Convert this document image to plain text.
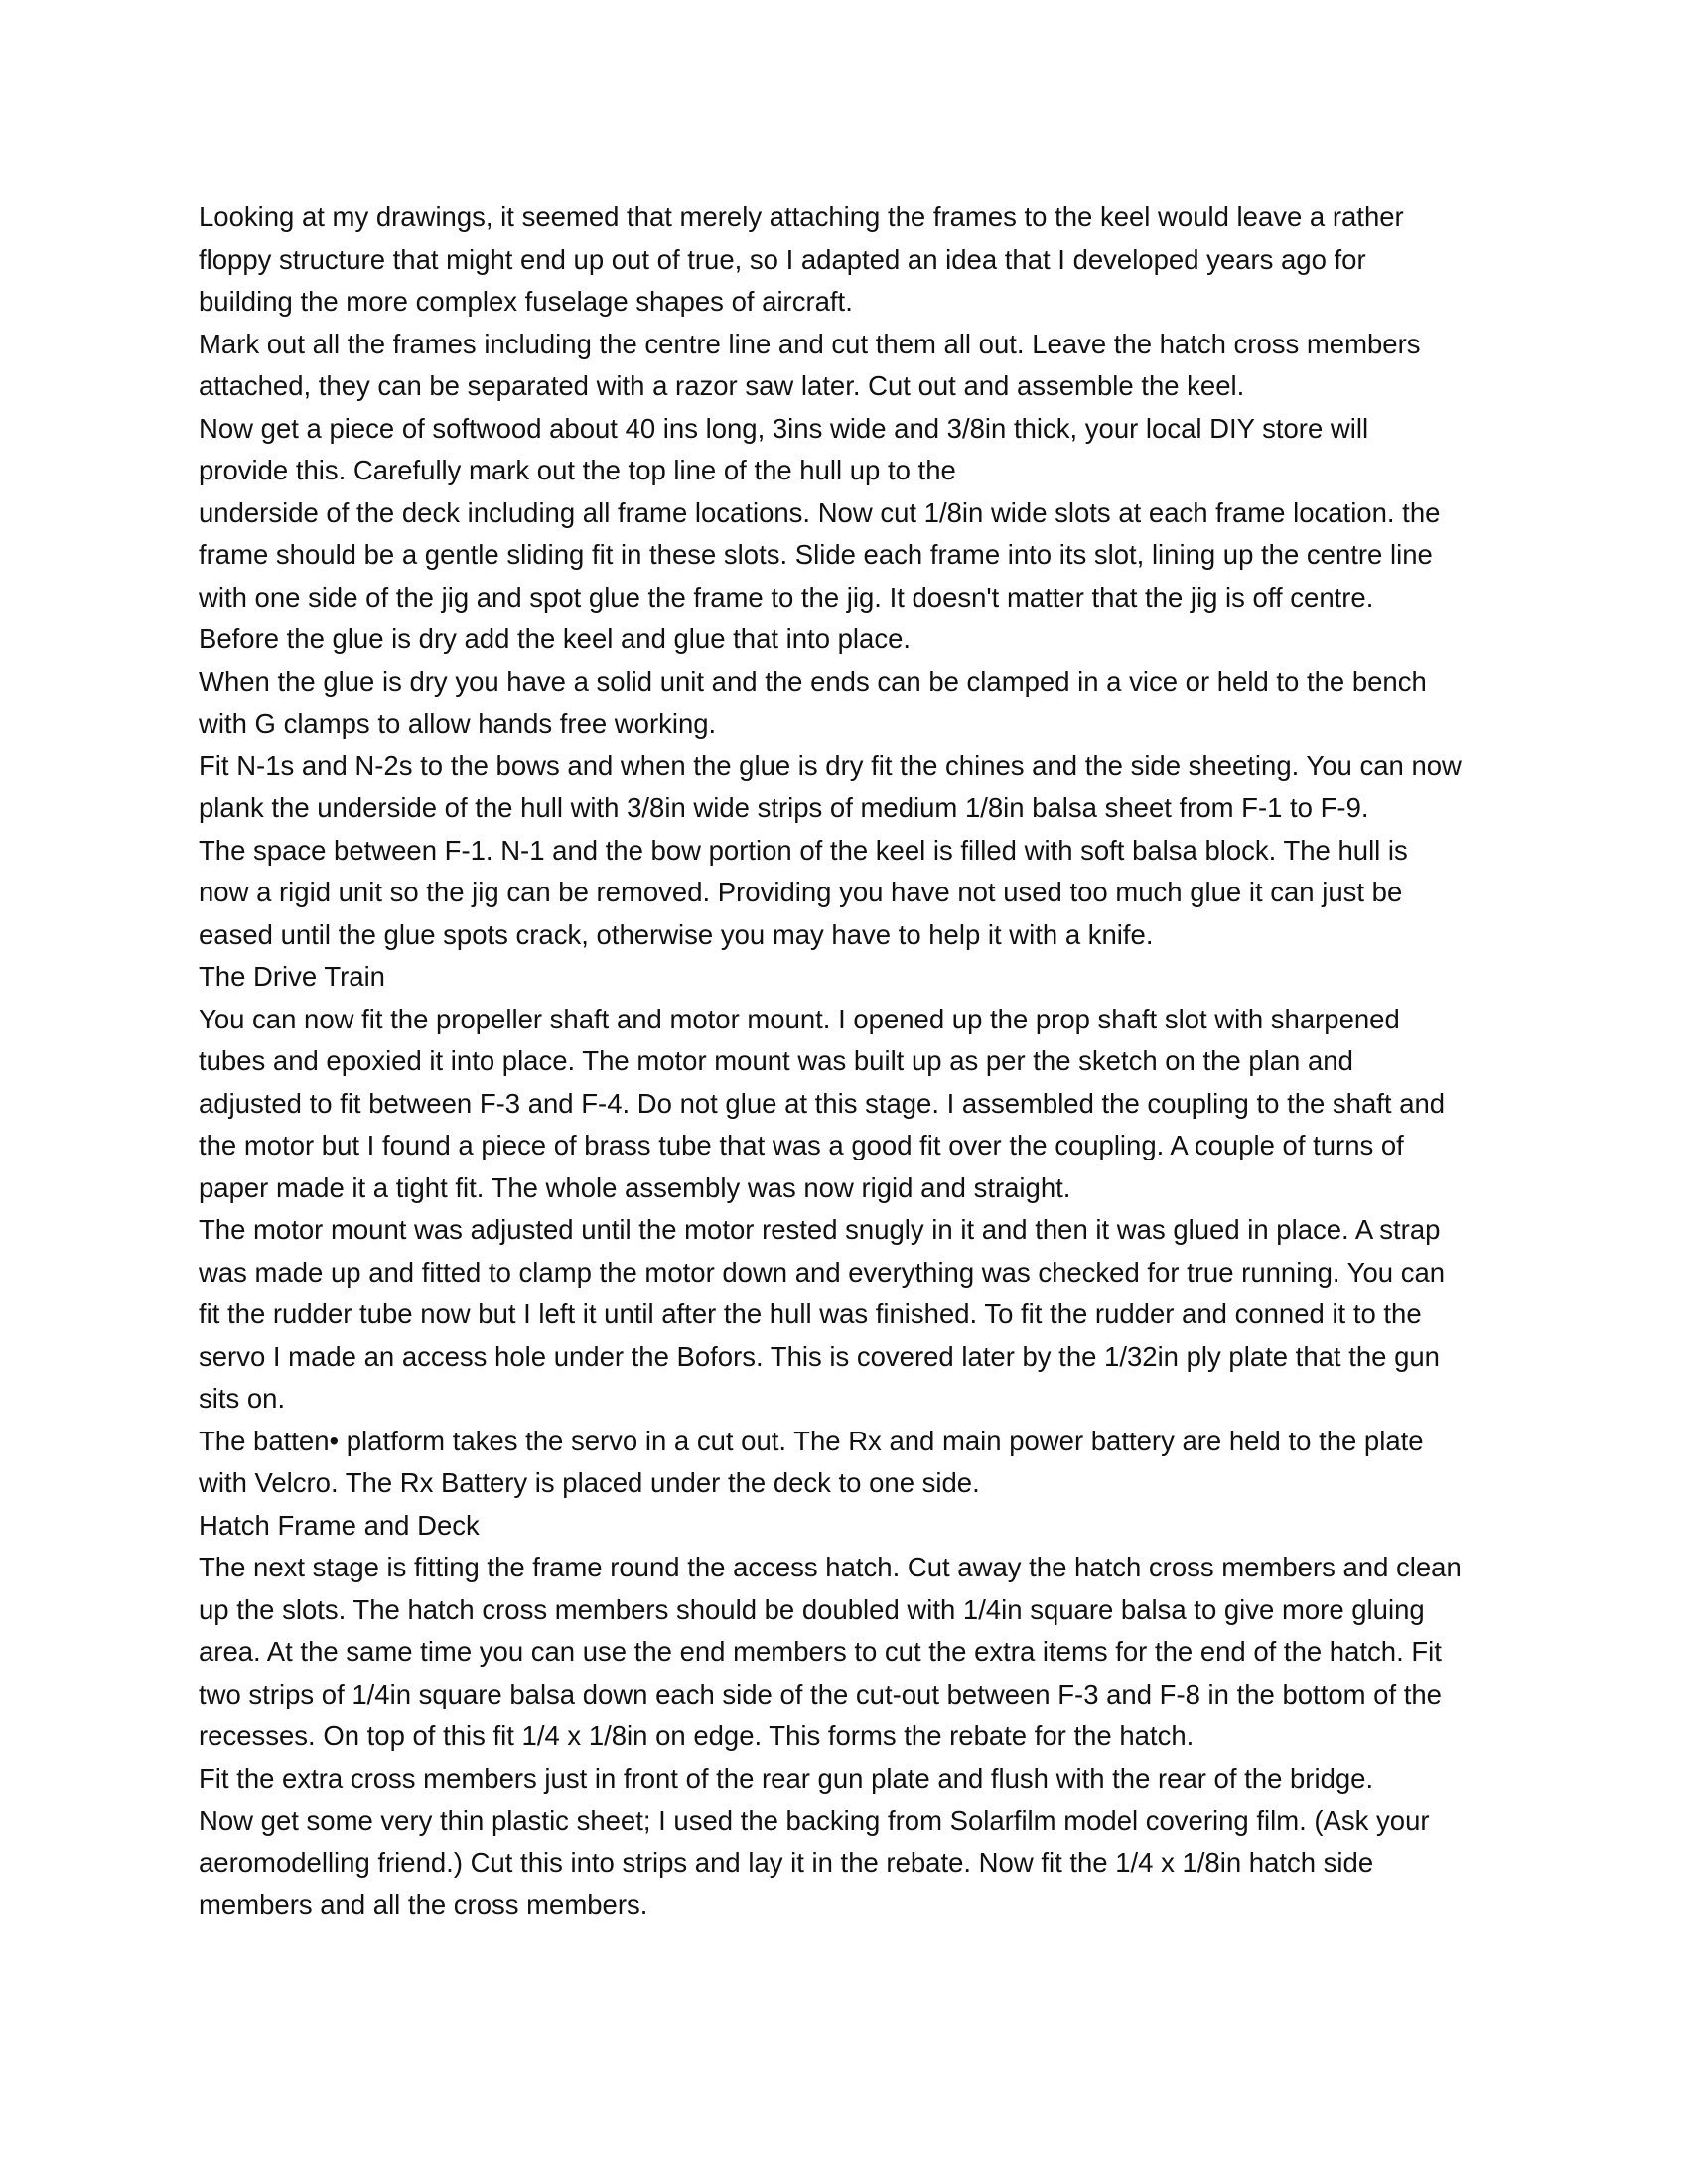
Looking at my drawings, it seemed that merely attaching the frames to the keel would leave a rather
floppy structure that might end up out of true, so I adapted an idea that I developed years ago for
building the more complex fuselage shapes of aircraft.
Mark out all the frames including the centre line and cut them all out. Leave the hatch cross members
attached, they can be separated with a razor saw later. Cut out and assemble the keel.
Now get a piece of softwood about 40 ins long, 3ins wide and 3/8in thick, your local DIY store will
provide this. Carefully mark out the top line of the hull up to the
underside of the deck including all frame locations. Now cut 1/8in wide slots at each frame location. the
frame should be a gentle sliding fit in these slots. Slide each frame into its slot, lining up the centre line
with one side of the jig and spot glue the frame to the jig. It doesn't matter that the jig is off centre.
Before the glue is dry add the keel and glue that into place.
When the glue is dry you have a solid unit and the ends can be clamped in a vice or held to the bench
with G clamps to allow hands free working.
Fit N-1s and N-2s to the bows and when the glue is dry fit the chines and the side sheeting. You can now
plank the underside of the hull with 3/8in wide strips of medium 1/8in balsa sheet from F-1 to F-9.
The space between F-1. N-1 and the bow portion of the keel is filled with soft balsa block. The hull is
now a rigid unit so the jig can be removed. Providing you have not used too much glue it can just be
eased until the glue spots crack, otherwise you may have to help it with a knife.
The Drive Train
You can now fit the propeller shaft and motor mount. I opened up the prop shaft slot with sharpened
tubes and epoxied it into place. The motor mount was built up as per the sketch on the plan and
adjusted to fit between F-3 and F-4. Do not glue at this stage. I assembled the coupling to the shaft and
the motor but I found a piece of brass tube that was a good fit over the coupling. A couple of turns of
paper made it a tight fit. The whole assembly was now rigid and straight.
The motor mount was adjusted until the motor rested snugly in it and then it was glued in place. A strap
was made up and fitted to clamp the motor down and everything was checked for true running. You can
fit the rudder tube now but I left it until after the hull was finished. To fit the rudder and conned it to the
servo I made an access hole under the Bofors. This is covered later by the 1/32in ply plate that the gun
sits on.
The batten• platform takes the servo in a cut out. The Rx and main power battery are held to the plate
with Velcro. The Rx Battery is placed under the deck to one side.
Hatch Frame and Deck
The next stage is fitting the frame round the access hatch. Cut away the hatch cross members and clean
up the slots. The hatch cross members should be doubled with 1/4in square balsa to give more gluing
area. At the same time you can use the end members to cut the extra items for the end of the hatch. Fit
two strips of 1/4in square balsa down each side of the cut-out between F-3 and F-8 in the bottom of the
recesses. On top of this fit 1/4 x 1/8in on edge. This forms the rebate for the hatch.
Fit the extra cross members just in front of the rear gun plate and flush with the rear of the bridge.
Now get some very thin plastic sheet; I used the backing from Solarfilm model covering film. (Ask your
aeromodelling friend.) Cut this into strips and lay it in the rebate. Now fit the 1/4 x 1/8in hatch side
members and all the cross members.
